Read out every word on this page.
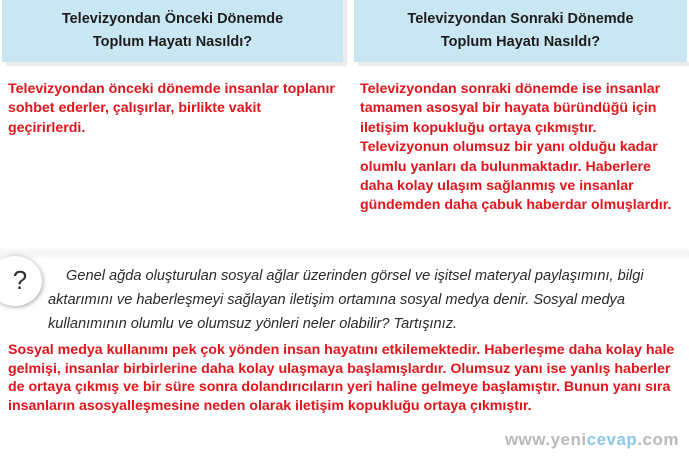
Televizyondan Önceki Dönemde
Toplum Hayatı Nasıldı?
Televizyondan Sonraki Dönemde
Toplum Hayatı Nasıldı?

Televizyondan önceki dönemde insanlar toplanır sohbet ederler, çalışırlar, birlikte vakit geçirirlerdi.

Televizyondan sonraki dönemde ise insanlar tamamen asosyal bir hayata büründüğü için iletişim kopukluğu ortaya çıkmıştır. Televizyonun olumsuz bir yanı olduğu kadar olumlu yanları da bulunmaktadır. Haberlere daha kolay ulaşım sağlanmış ve insanlar gündemden daha çabuk haberdar olmuşlardır.

?	Genel ağda oluşturulan sosyal ağlar üzerinden görsel ve işitsel materyal paylaşımını, bilgi

aktarımını ve haberleşmeyi sağlayan iletişim ortamına sosyal medya denir. Sosyal medya

kullanımının olumlu ve olumsuz yönleri neler olabilir? Tartışınız.

Sosyal medya kullanımı pek çok yönden insan hayatını etkilemektedir. Haberleşme daha kolay hale gelmişi, insanlar birbirlerine daha kolay ulaşmaya başlamışlardır. Olumsuz yanı ise yanlış haberler de ortaya çıkmış ve bir süre sonra dolandırıcıların yeri haline gelmeye başlamıştır. Bunun yanı sıra insanların asosyalleşmesine neden olarak iletişim kopukluğu ortaya çıkmıştır.

www.yenicevap.com
